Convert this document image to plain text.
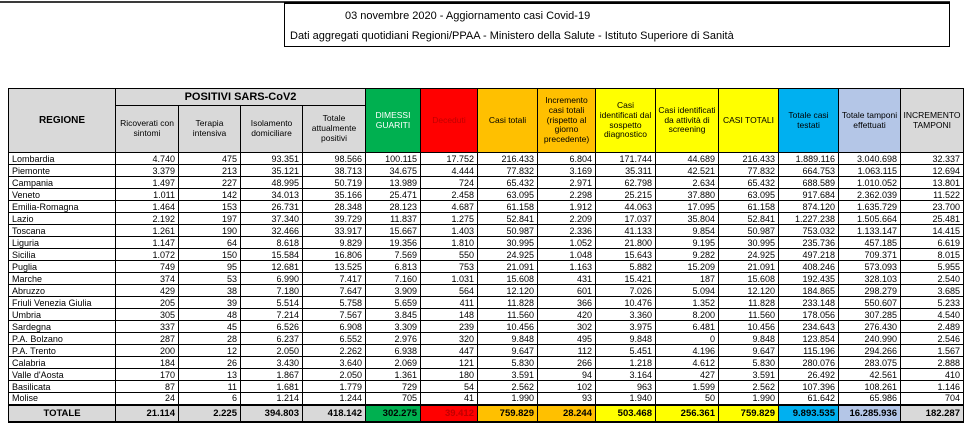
03 novembre 2020 - Aggiornamento casi Covid-19
Dati aggregati quotidiani Regioni/PPAA - Ministero della Salute - Istituto Superiore di Sanità
REGIONE	POSITIVI SARS-CoV2				DIMESSI GUARITI	Deceduti	Casi totali	Incremento casi totali (rispetto al giorno precedente)	Casi identificati dal sospetto diagnostico	Casi identificati da attività di screening	CASI TOTALI	Totale casi testati	Totale tamponi effettuati	INCREMENTO TAMPONI
	Ricoverati con sintomi	Terapia intensiva	Isolamento domiciliare	Totale attualmente positivi										
Lombardia	4.740	475	93.351	98.566	100.115	17.752	216.433	6.804	171.744	44.689	216.433	1.889.116	3.040.698	32.337
Piemonte	3.379	213	35.121	38.713	34.675	4.444	77.832	3.169	35.311	42.521	77.832	664.753	1.063.115	12.694
Campania	1.497	227	48.995	50.719	13.989	724	65.432	2.971	62.798	2.634	65.432	688.589	1.010.052	13.801
Veneto	1.011	142	34.013	35.166	25.471	2.458	63.095	2.298	25.215	37.880	63.095	917.684	2.362.039	11.522
Emilia-Romagna	1.464	153	26.731	28.348	28.123	4.687	61.158	1.912	44.063	17.095	61.158	874.120	1.635.729	23.700
Lazio	2.192	197	37.340	39.729	11.837	1.275	52.841	2.209	17.037	35.804	52.841	1.227.238	1.505.664	25.481
Toscana	1.261	190	32.466	33.917	15.667	1.403	50.987	2.336	41.133	9.854	50.987	753.032	1.133.147	14.415
Liguria	1.147	64	8.618	9.829	19.356	1.810	30.995	1.052	21.800	9.195	30.995	235.736	457.185	6.619
Sicilia	1.072	150	15.584	16.806	7.569	550	24.925	1.048	15.643	9.282	24.925	497.218	709.371	8.015
Puglia	749	95	12.681	13.525	6.813	753	21.091	1.163	5.882	15.209	21.091	408.246	573.093	5.955
Marche	374	53	6.990	7.417	7.160	1.031	15.608	431	15.421	187	15.608	192.435	328.103	2.540
Abruzzo	429	38	7.180	7.647	3.909	564	12.120	601	7.026	5.094	12.120	184.865	298.279	3.685
Friuli Venezia Giulia	205	39	5.514	5.758	5.659	411	11.828	366	10.476	1.352	11.828	233.148	550.607	5.233
Umbria	305	48	7.214	7.567	3.845	148	11.560	420	3.360	8.200	11.560	178.056	307.285	4.540
Sardegna	337	45	6.526	6.908	3.309	239	10.456	302	3.975	6.481	10.456	234.643	276.430	2.489
P.A. Bolzano	287	28	6.237	6.552	2.976	320	9.848	495	9.848	0	9.848	123.854	240.990	2.546
P.A. Trento	200	12	2.050	2.262	6.938	447	9.647	112	5.451	4.196	9.647	115.196	294.266	1.567
Calabria	184	26	3.430	3.640	2.069	121	5.830	266	1.218	4.612	5.830	280.076	283.075	2.888
Valle d'Aosta	170	13	1.867	2.050	1.361	180	3.591	94	3.164	427	3.591	26.492	42.561	410
Basilicata	87	11	1.681	1.779	729	54	2.562	102	963	1.599	2.562	107.396	108.261	1.146
Molise	24	6	1.214	1.244	705	41	1.990	93	1.940	50	1.990	61.642	65.986	704
TOTALE	21.114	2.225	394.803	418.142	302.275	39.412	759.829	28.244	503.468	256.361	759.829	9.893.535	16.285.936	182.287
